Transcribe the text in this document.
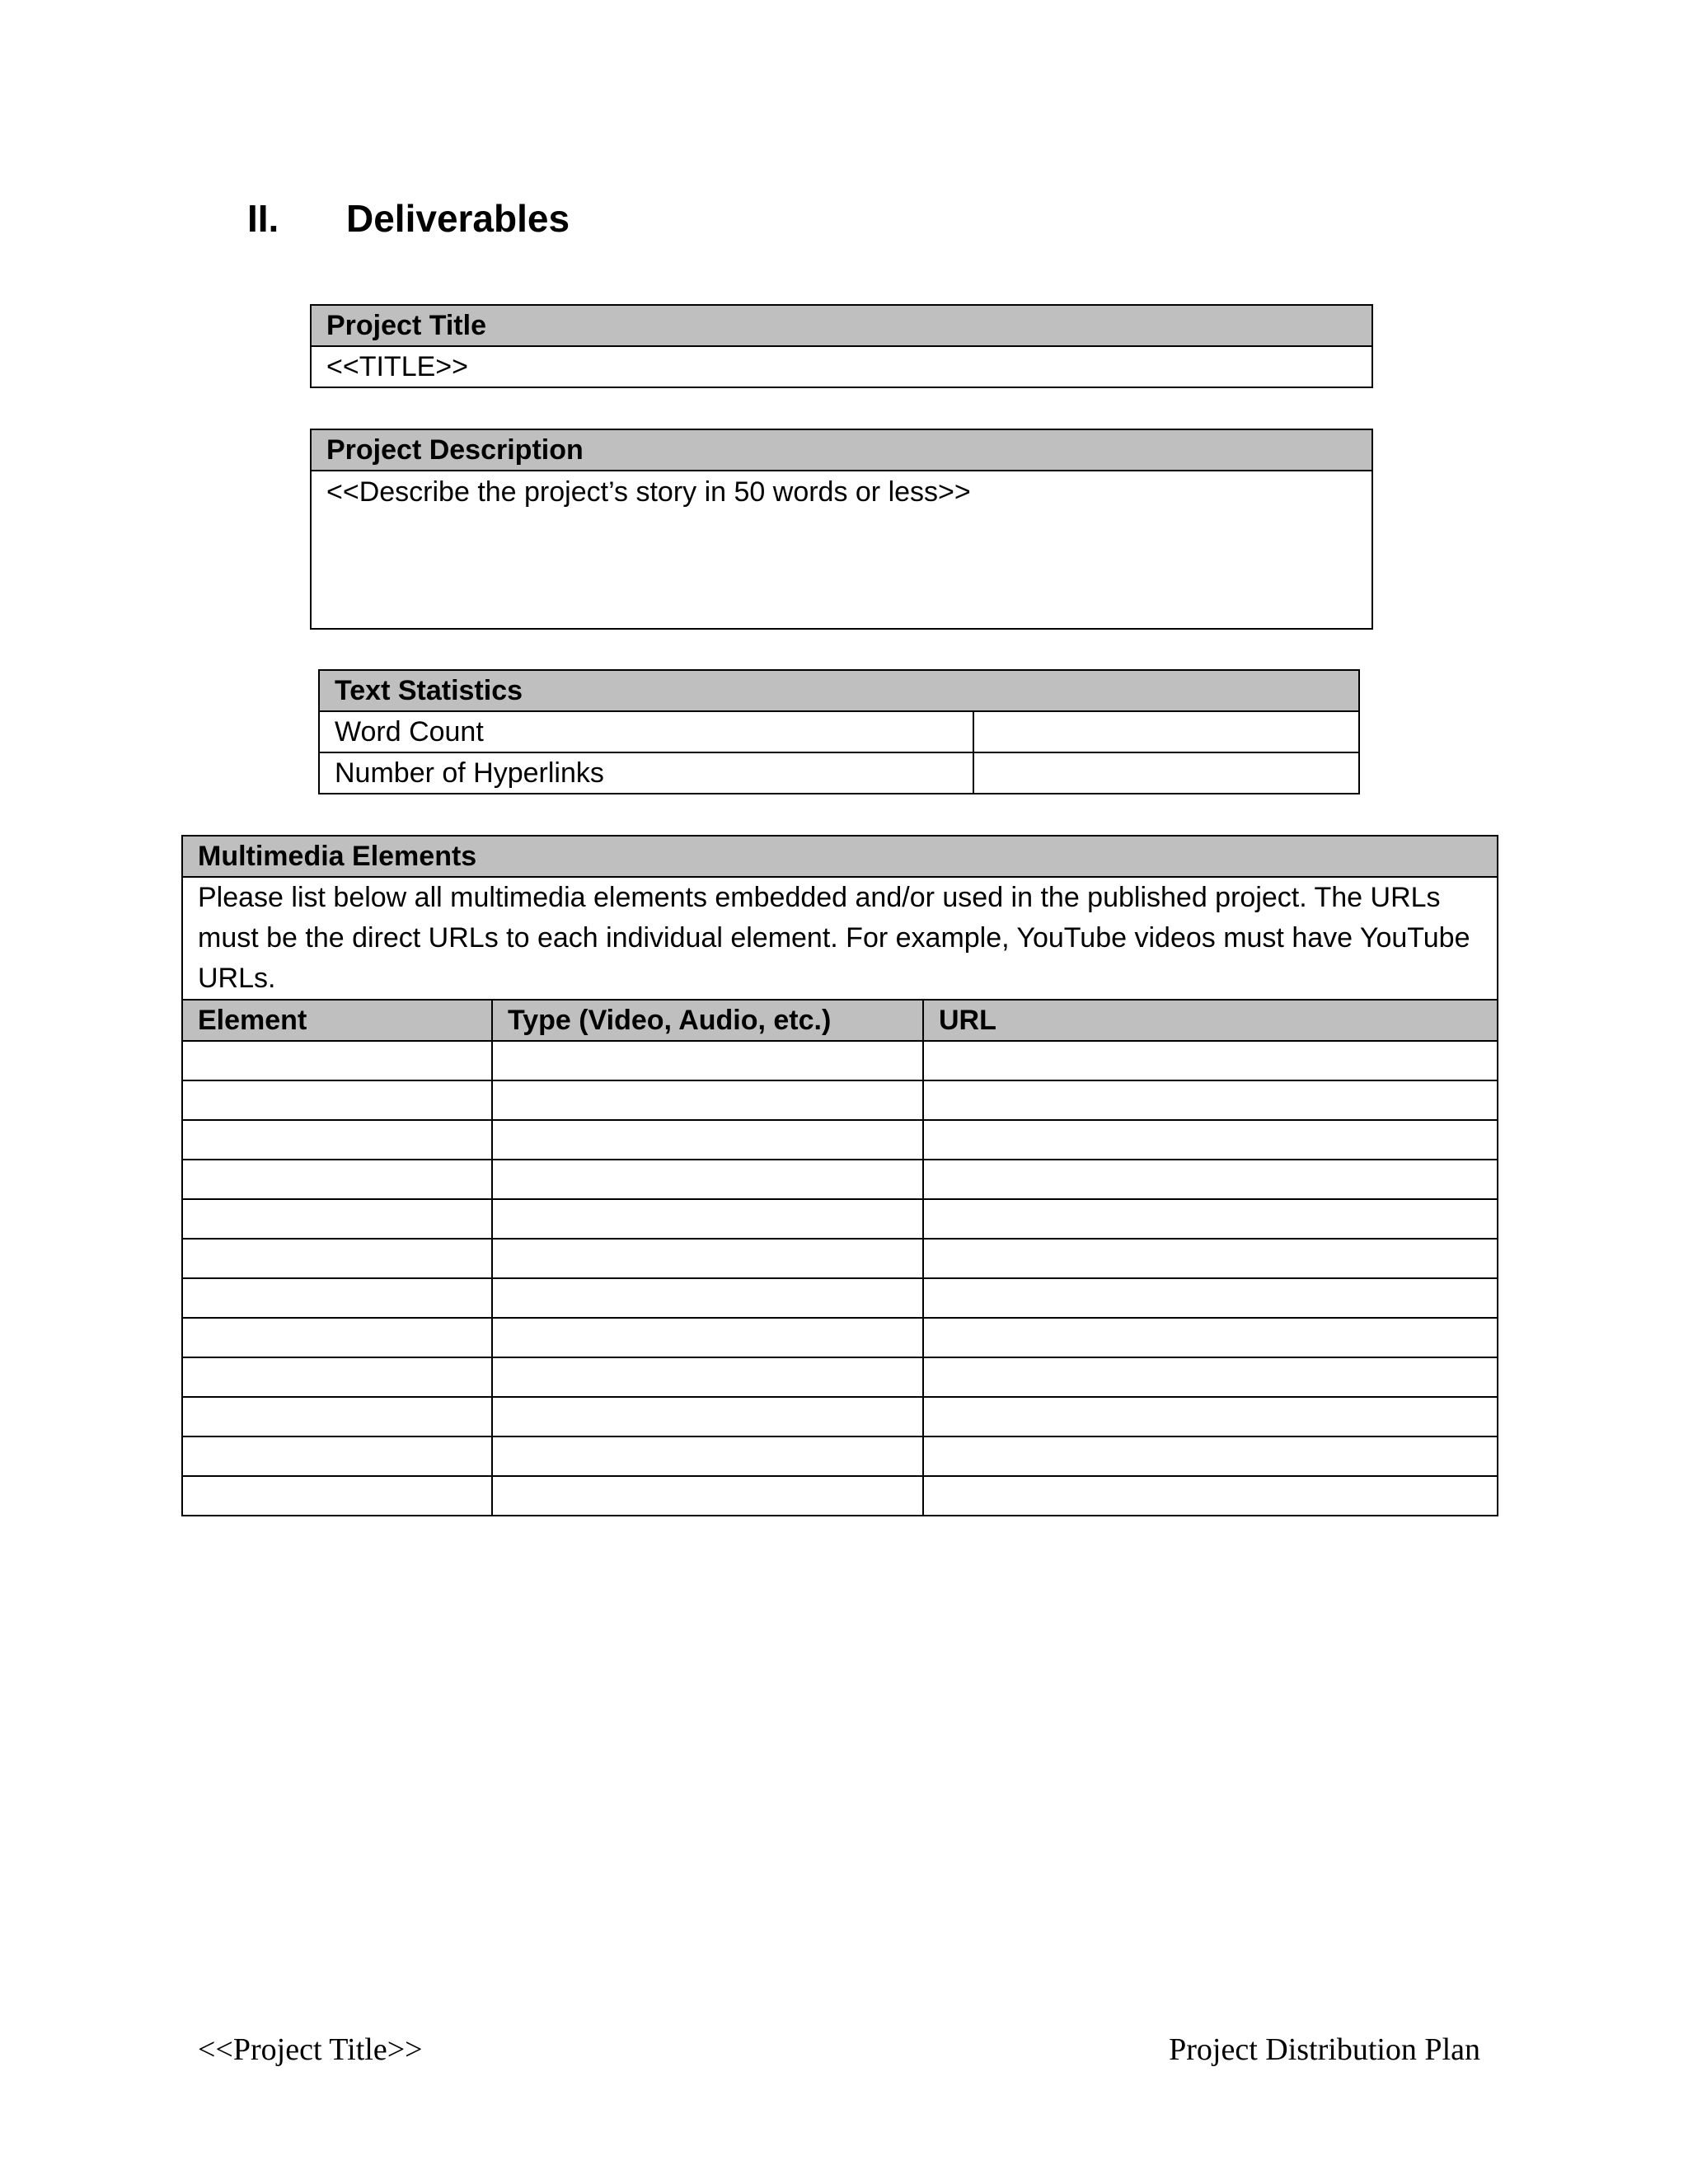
II.	Deliverables
Project Title
<<TITLE>>
Project Description
<<Describe the project’s story in 50 words or less>>
Text Statistics	
Word Count	
Number of Hyperlinks	
Multimedia Elements		
Please list below all multimedia elements embedded and/or used in the published project. The URLs must be the direct URLs to each individual element. For example, YouTube videos must have YouTube URLs.		
Element	Type (Video, Audio, etc.)	URL

<<Project Title>>	Project Distribution Plan
